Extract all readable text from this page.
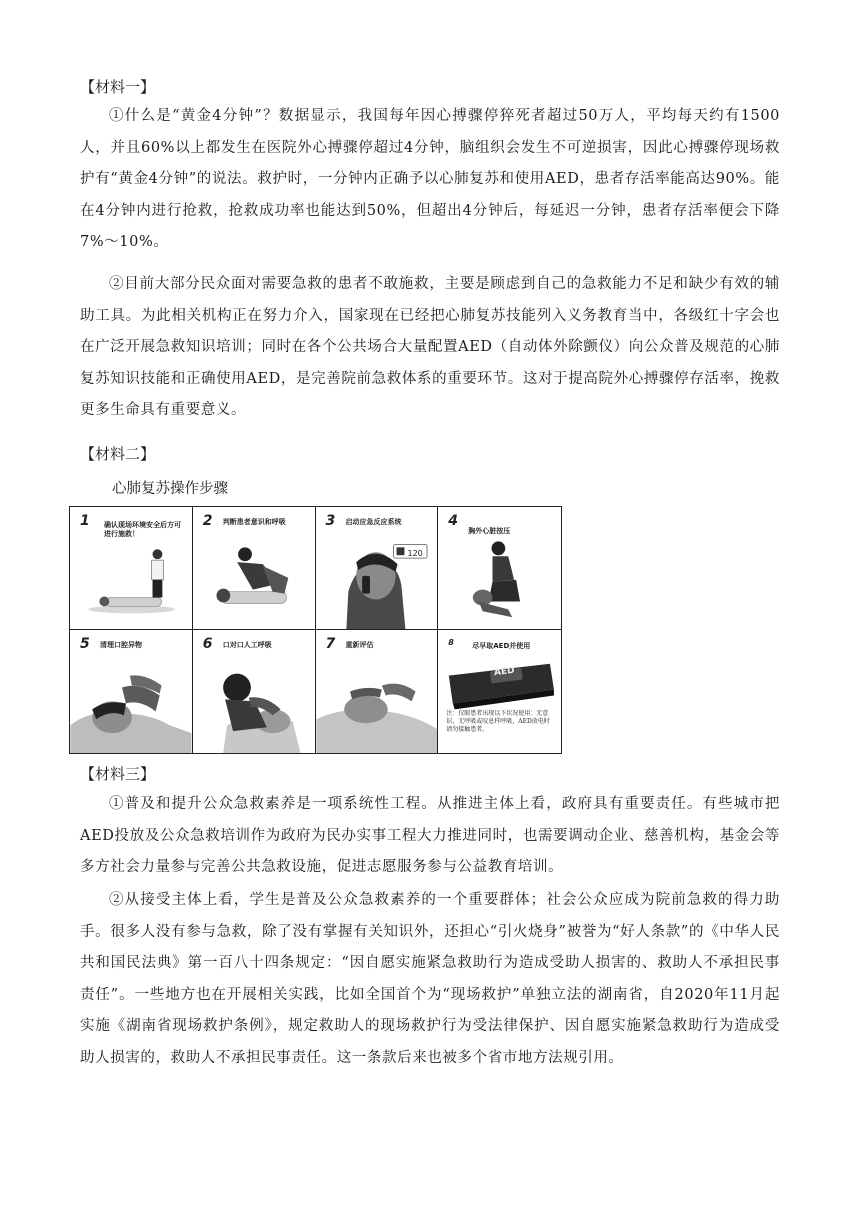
【材料一】

①什么是“黄金4分钟”？数据显示，我国每年因心搏骤停猝死者超过50万人，平均每天约有1500人，并且60%以上都发生在医院外心搏骤停超过4分钟，脑组织会发生不可逆损害，因此心搏骤停现场救护有“黄金4分钟”的说法。救护时，一分钟内正确予以心肺复苏和使用AED，患者存活率能高达90%。能在4分钟内进行抢救，抢救成功率也能达到50%，但超出4分钟后，每延迟一分钟，患者存活率便会下降7%～10%。

②目前大部分民众面对需要急救的患者不敢施救，主要是顾虑到自己的急救能力不足和缺少有效的辅助工具。为此相关机构正在努力介入，国家现在已经把心肺复苏技能列入义务教育当中，各级红十字会也在广泛开展急救知识培训；同时在各个公共场合大量配置AED（自动体外除颤仪）向公众普及规范的心肺复苏知识技能和正确使用AED，是完善院前急救体系的重要环节。这对于提高院外心搏骤停存活率，挽救更多生命具有重要意义。

【材料二】
心肺复苏操作步骤
1 确认现场环境安全后方可进行施救！
2 判断患者意识和呼吸	3 启动应急反应系统
120
4
胸外心脏按压
5 清理口腔异物	6 口对口人工呼吸	7 重新评估	8	尽早取AED并使用
AED
注：仅限患者出现以下状况使用：无意识，无呼吸或叹息样呼吸，AED放电时请勿接触患者。
【材料三】

①普及和提升公众急救素养是一项系统性工程。从推进主体上看，政府具有重要责任。有些城市把AED投放及公众急救培训作为政府为民办实事工程大力推进同时，也需要调动企业、慈善机构，基金会等多方社会力量参与完善公共急救设施，促进志愿服务参与公益教育培训。

②从接受主体上看，学生是普及公众急救素养的一个重要群体；社会公众应成为院前急救的得力助手。很多人没有参与急救，除了没有掌握有关知识外，还担心“引火烧身”被誉为“好人条款”的《中华人民共和国民法典》第一百八十四条规定：“因自愿实施紧急救助行为造成受助人损害的、救助人不承担民事责任”。一些地方也在开展相关实践，比如全国首个为“现场救护”单独立法的湖南省，自2020年11月起实施《湖南省现场救护条例》，规定救助人的现场救护行为受法律保护、因自愿实施紧急救助行为造成受助人损害的，救助人不承担民事责任。这一条款后来也被多个省市地方法规引用。
